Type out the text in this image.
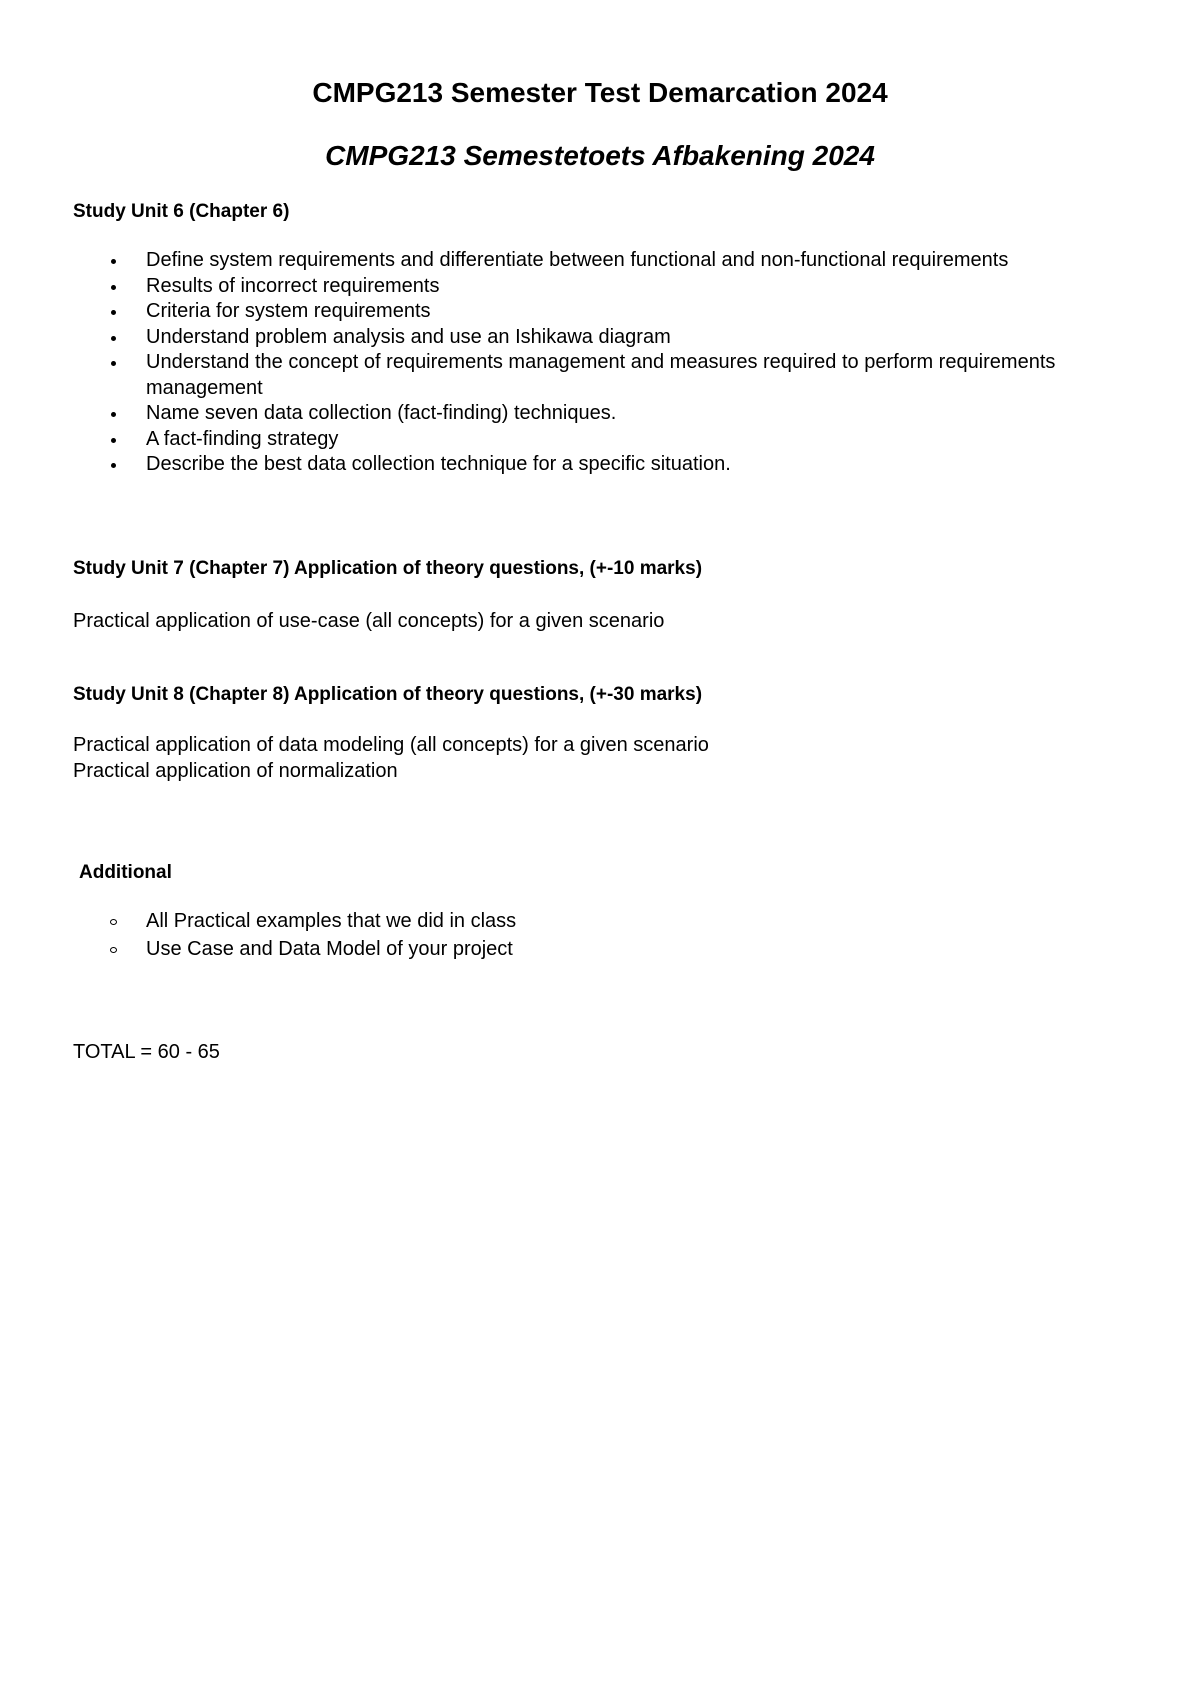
CMPG213 Semester Test Demarcation 2024
CMPG213 Semestetoets Afbakening 2024

Study Unit 6 (Chapter 6)

Define system requirements and differentiate between functional and non-functional requirements
Results of incorrect requirements
Criteria for system requirements
Understand problem analysis and use an Ishikawa diagram
Understand the concept of requirements management and measures required to perform requirements management
Name seven data collection (fact-finding) techniques.
A fact-finding strategy
Describe the best data collection technique for a specific situation.

Study Unit 7 (Chapter 7) Application of theory questions, (+-10 marks)

Practical application of use-case (all concepts) for a given scenario

Study Unit 8 (Chapter 8) Application of theory questions, (+-30 marks)

Practical application of data modeling (all concepts) for a given scenario

Practical application of normalization

Additional

All Practical examples that we did in class
Use Case and Data Model of your project

TOTAL = 60 - 65
